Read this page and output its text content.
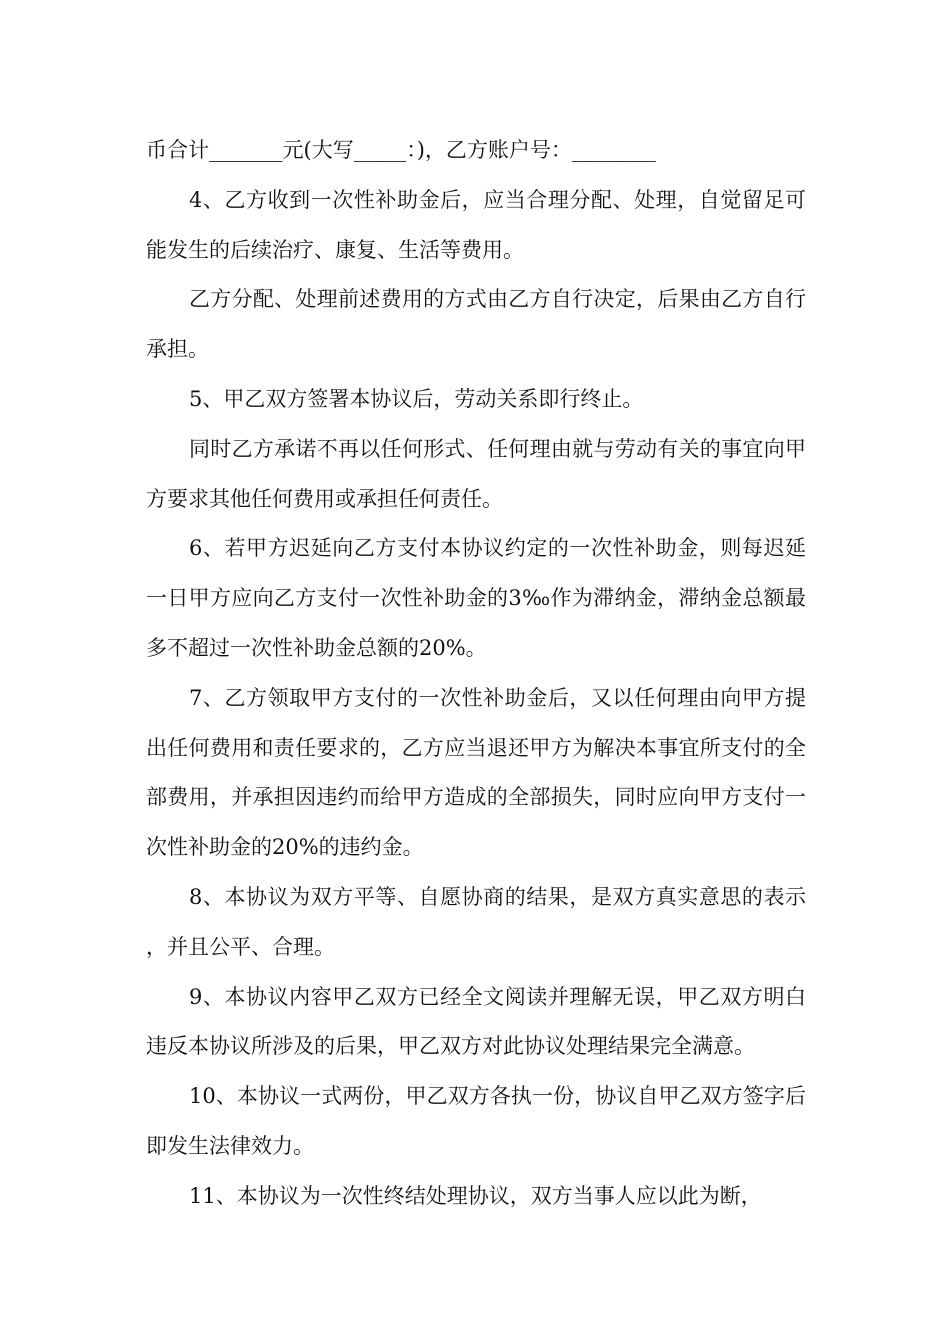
币合计_______元(大写_____：)，乙方账户号：________

4、乙方收到一次性补助金后，应当合理分配、处理，自觉留足可能发生的后续治疗、康复、生活等费用。

乙方分配、处理前述费用的方式由乙方自行决定，后果由乙方自行承担。

5、甲乙双方签署本协议后，劳动关系即行终止。

同时乙方承诺不再以任何形式、任何理由就与劳动有关的事宜向甲方要求其他任何费用或承担任何责任。

6、若甲方迟延向乙方支付本协议约定的一次性补助金，则每迟延一日甲方应向乙方支付一次性补助金的3‰作为滞纳金，滞纳金总额最多不超过一次性补助金总额的20%。

7、乙方领取甲方支付的一次性补助金后，又以任何理由向甲方提出任何费用和责任要求的，乙方应当退还甲方为解决本事宜所支付的全部费用，并承担因违约而给甲方造成的全部损失，同时应向甲方支付一次性补助金的20%的违约金。

8、本协议为双方平等、自愿协商的结果，是双方真实意思的表示，并且公平、合理。

9、本协议内容甲乙双方已经全文阅读并理解无误，甲乙双方明白违反本协议所涉及的后果，甲乙双方对此协议处理结果完全满意。

10、本协议一式两份，甲乙双方各执一份，协议自甲乙双方签字后即发生法律效力。

11、本协议为一次性终结处理协议，双方当事人应以此为断，
